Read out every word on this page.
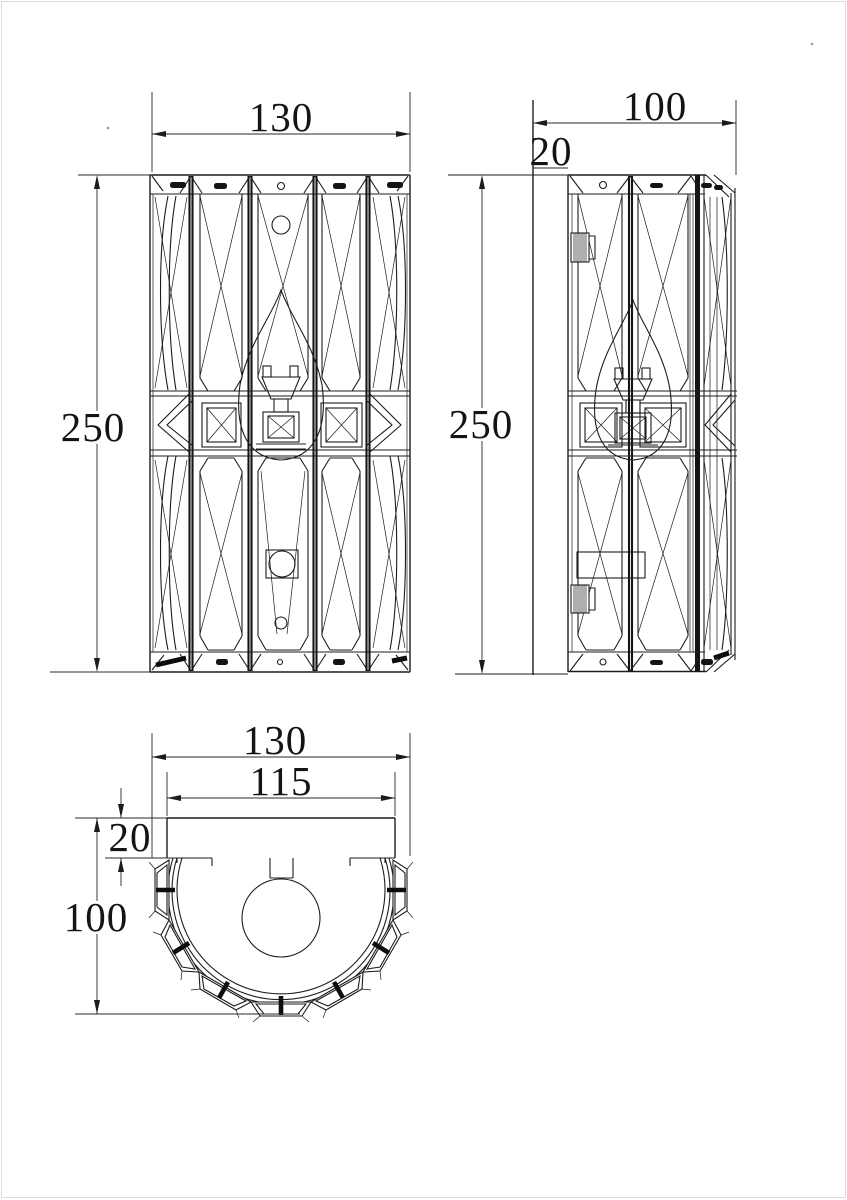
130
250
100
20
250
130
115
20
100
